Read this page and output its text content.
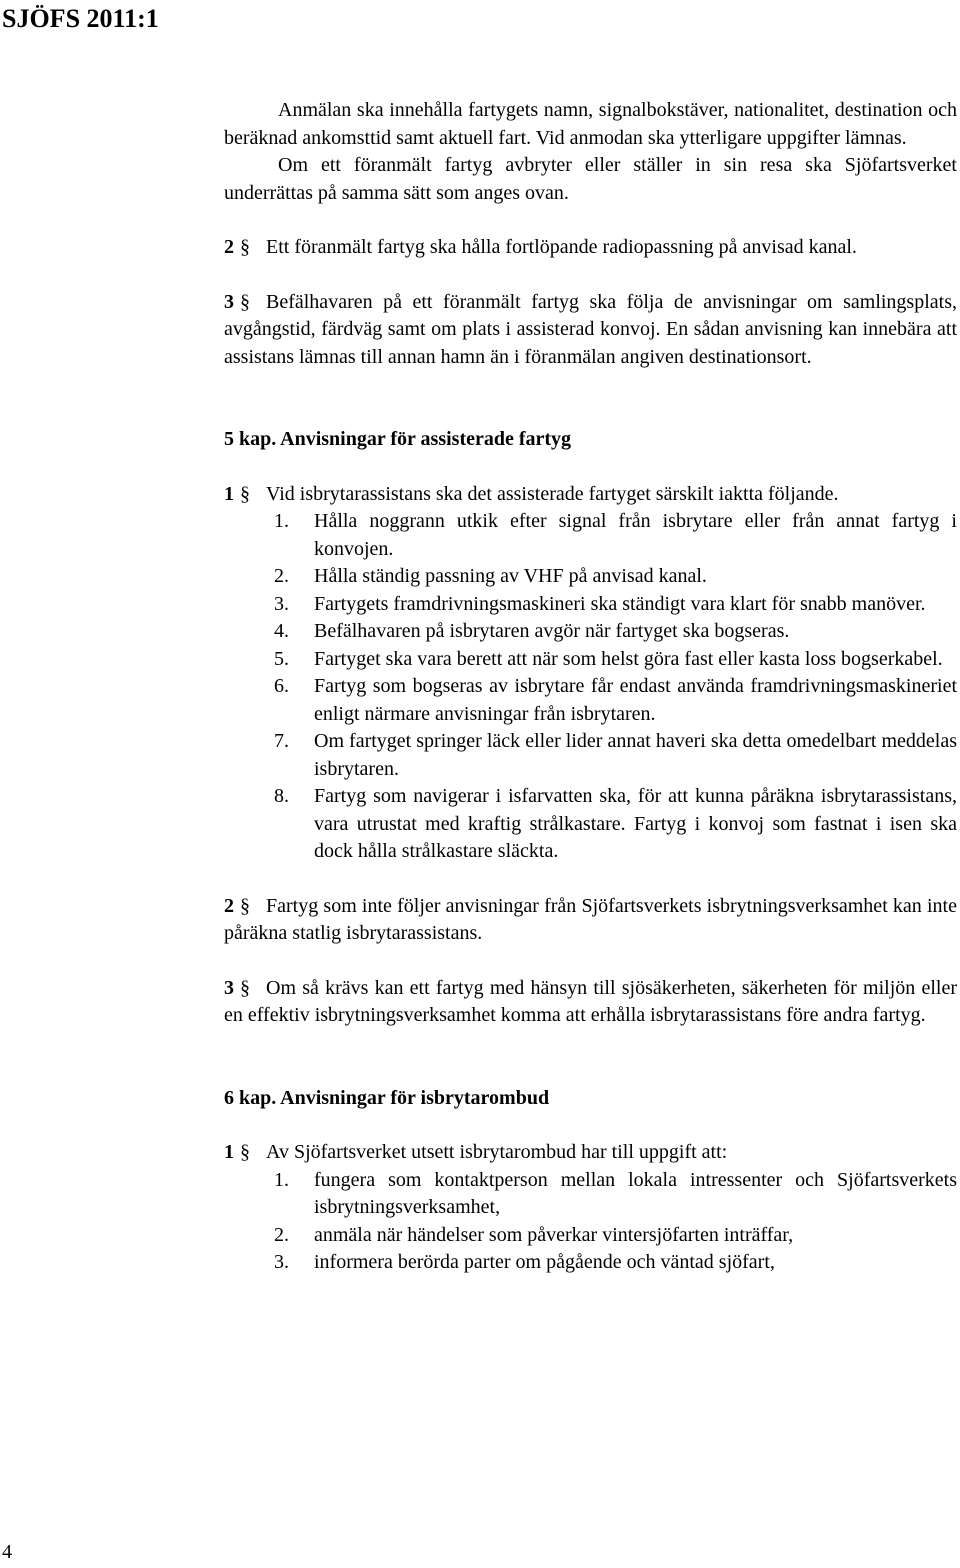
SJÖFS 2011:1

Anmälan ska innehålla fartygets namn, signalbokstäver, nationalitet, destination och beräknad ankomsttid samt aktuell fart. Vid anmodan ska ytterligare uppgifter lämnas.

Om ett föranmält fartyg avbryter eller ställer in sin resa ska Sjöfartsverket underrättas på samma sätt som anges ovan.

2 § Ett föranmält fartyg ska hålla fortlöpande radiopassning på anvisad kanal.

3 § Befälhavaren på ett föranmält fartyg ska följa de anvisningar om samlingsplats, avgångstid, färdväg samt om plats i assisterad konvoj. En sådan anvisning kan innebära att assistans lämnas till annan hamn än i föranmälan angiven destinationsort.

5 kap. Anvisningar för assisterade fartyg

1 § Vid isbrytarassistans ska det assisterade fartyget särskilt iaktta följande.

1.	Hålla noggrann utkik efter signal från isbrytare eller från annat fartyg i konvojen.
2.	Hålla ständig passning av VHF på anvisad kanal.
3.	Fartygets framdrivningsmaskineri ska ständigt vara klart för snabb manöver.
4.	Befälhavaren på isbrytaren avgör när fartyget ska bogseras.
5.	Fartyget ska vara berett att när som helst göra fast eller kasta loss bogserkabel.
6.	Fartyg som bogseras av isbrytare får endast använda framdrivningsmaskineriet enligt närmare anvisningar från isbrytaren.
7.	Om fartyget springer läck eller lider annat haveri ska detta omedelbart meddelas isbrytaren.
8.	Fartyg som navigerar i isfarvatten ska, för att kunna påräkna isbrytarassistans, vara utrustat med kraftig strålkastare. Fartyg i konvoj som fastnat i isen ska dock hålla strålkastare släckta.

2 § Fartyg som inte följer anvisningar från Sjöfartsverkets isbrytningsverksamhet kan inte påräkna statlig isbrytarassistans.

3 § Om så krävs kan ett fartyg med hänsyn till sjösäkerheten, säkerheten för miljön eller en effektiv isbrytningsverksamhet komma att erhålla isbrytarassistans före andra fartyg.

6 kap. Anvisningar för isbrytarombud

1 § Av Sjöfartsverket utsett isbrytarombud har till uppgift att:

1.	fungera som kontaktperson mellan lokala intressenter och Sjöfartsverkets isbrytningsverksamhet,
2.	anmäla när händelser som påverkar vintersjöfarten inträffar,
3.	informera berörda parter om pågående och väntad sjöfart,
4
